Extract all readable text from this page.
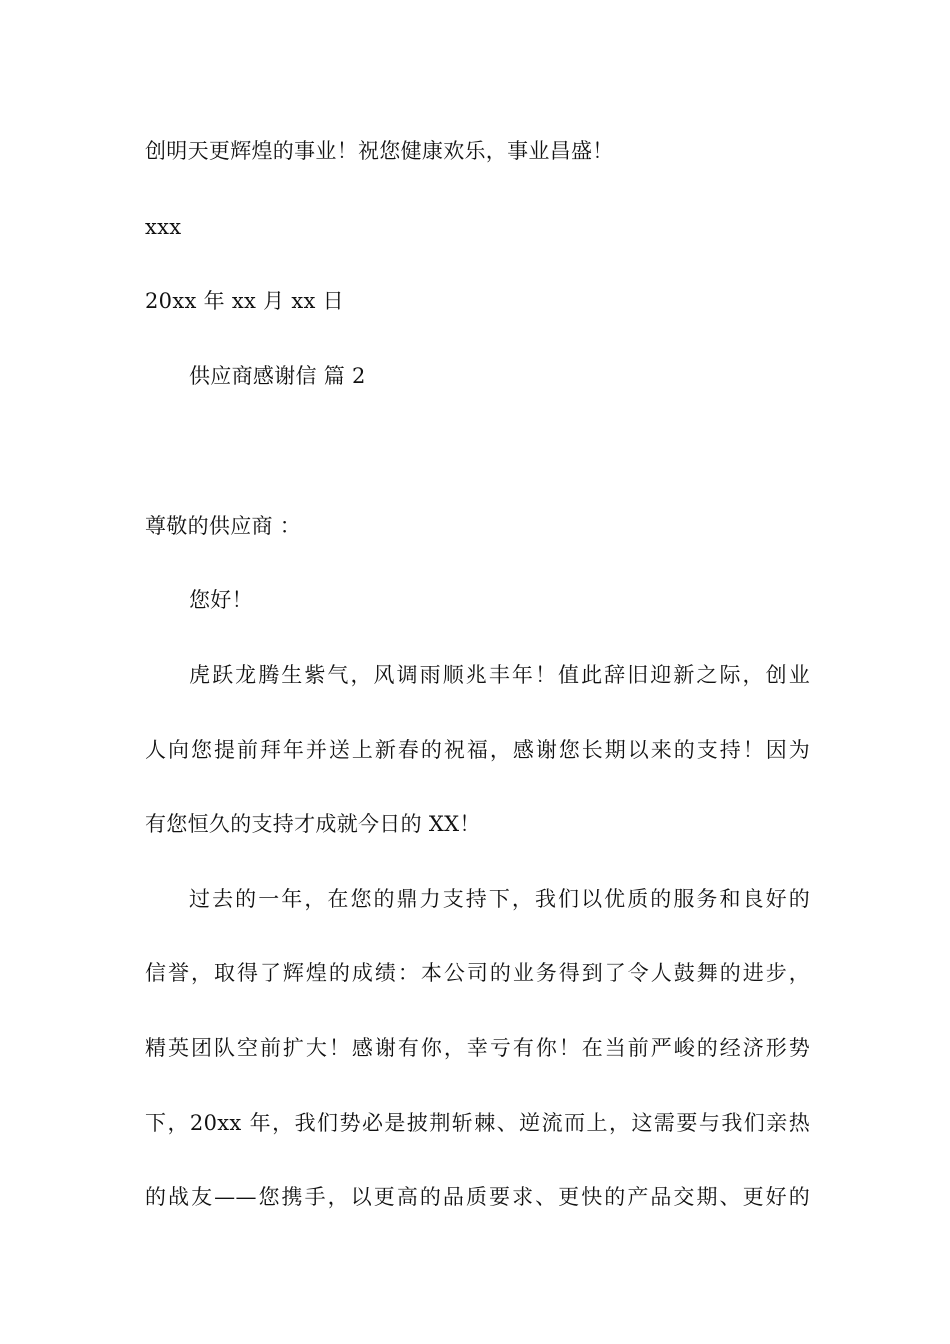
创明天更辉煌的事业！祝您健康欢乐，事业昌盛！
xxx
20xx 年 xx 月 xx 日
供应商感谢信 篇 2
尊敬的供应商 ：
您好！
虎跃龙腾生紫气，风调雨顺兆丰年！值此辞旧迎新之际，创业
人向您提前拜年并送上新春的祝福，感谢您长期以来的支持！因为
有您恒久的支持才成就今日的 XX！
过去的一年，在您的鼎力支持下，我们以优质的服务和良好的
信誉，取得了辉煌的成绩：本公司的业务得到了令人鼓舞的进步，
精英团队空前扩大！感谢有你，幸亏有你！在当前严峻的经济形势
下，20xx 年，我们势必是披荆斩棘、逆流而上，这需要与我们亲热
的战友——您携手，以更高的品质要求、更快的产品交期、更好的
